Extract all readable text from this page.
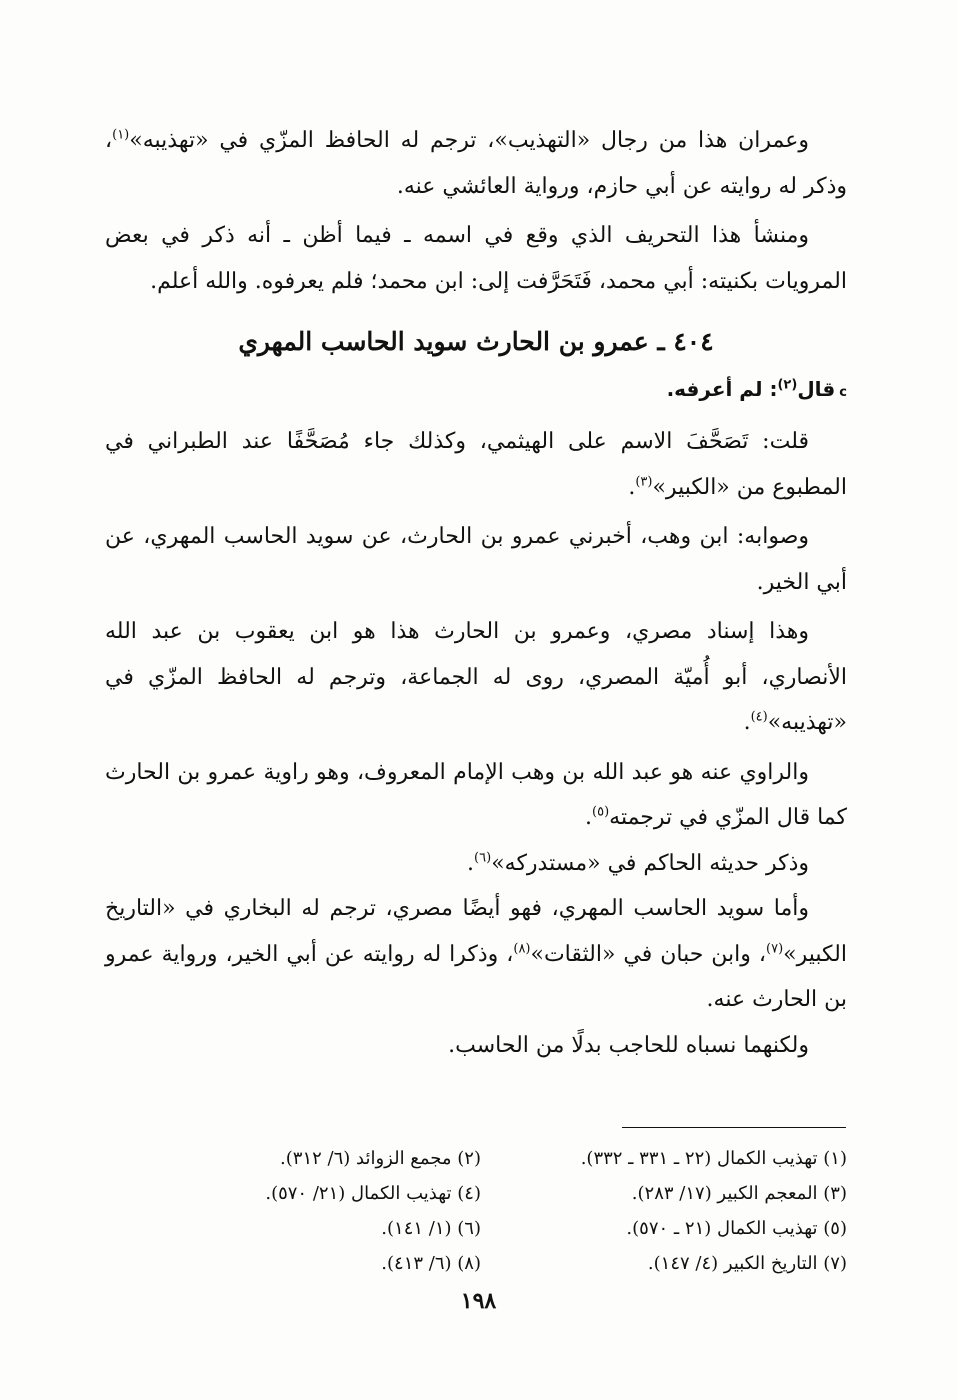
وعمران هذا من رجال «التهذيب»، ترجم له الحافظ المزّي في «تهذيبه»$^{(١)}$، وذكر له روايته عن أبي حازم، ورواية العائشي عنه.

ومنشأ هذا التحريف الذي وقع في اسمه ـ فيما أظن ـ أنه ذكر في بعض المرويات بكنيته: أبي محمد، فَتَحَرَّفت إلى: ابن محمد؛ فلم يعرفوه. والله أعلم.

٤٠٤ ـ عمرو بن الحارث سويد الحاسب المهري

cقال$^{(٢)}$: لم أعرفه.

قلت: تَصَحَّفَ الاسم على الهيثمي، وكذلك جاء مُصَحَّفًا عند الطبراني في المطبوع من «الكبير»$^{(٣)}$.

وصوابه: ابن وهب، أخبرني عمرو بن الحارث، عن سويد الحاسب المهري، عن أبي الخير.

وهذا إسناد مصري، وعمرو بن الحارث هذا هو ابن يعقوب بن عبد الله الأنصاري، أبو أُميّة المصري، روى له الجماعة، وترجم له الحافظ المزّي في «تهذيبه»$^{(٤)}$.

والراوي عنه هو عبد الله بن وهب الإمام المعروف، وهو راوية عمرو بن الحارث كما قال المزّي في ترجمته$^{(٥)}$.

وذكر حديثه الحاكم في «مستدركه»$^{(٦)}$.

وأما سويد الحاسب المهري، فهو أيضًا مصري، ترجم له البخاري في «التاريخ الكبير»$^{(٧)}$، وابن حبان في «الثقات»$^{(٨)}$، وذكرا له روايته عن أبي الخير، ورواية عمرو بن الحارث عنه.

ولكنهما نسباه للحاجب بدلًا من الحاسب.

(١) تهذيب الكمال (٢٢ ـ ٣٣١ ـ ٣٣٢).
(٢) مجمع الزوائد (٦/ ٣١٢).
(٣) المعجم الكبير (١٧/ ٢٨٣).
(٤) تهذيب الكمال (٢١/ ٥٧٠).
(٥) تهذيب الكمال (٢١ ـ ٥٧٠).
(٦) (١/ ١٤١).
(٧) التاريخ الكبير (٤/ ١٤٧).
(٨) (٦/ ٤١٣).
١٩٨
